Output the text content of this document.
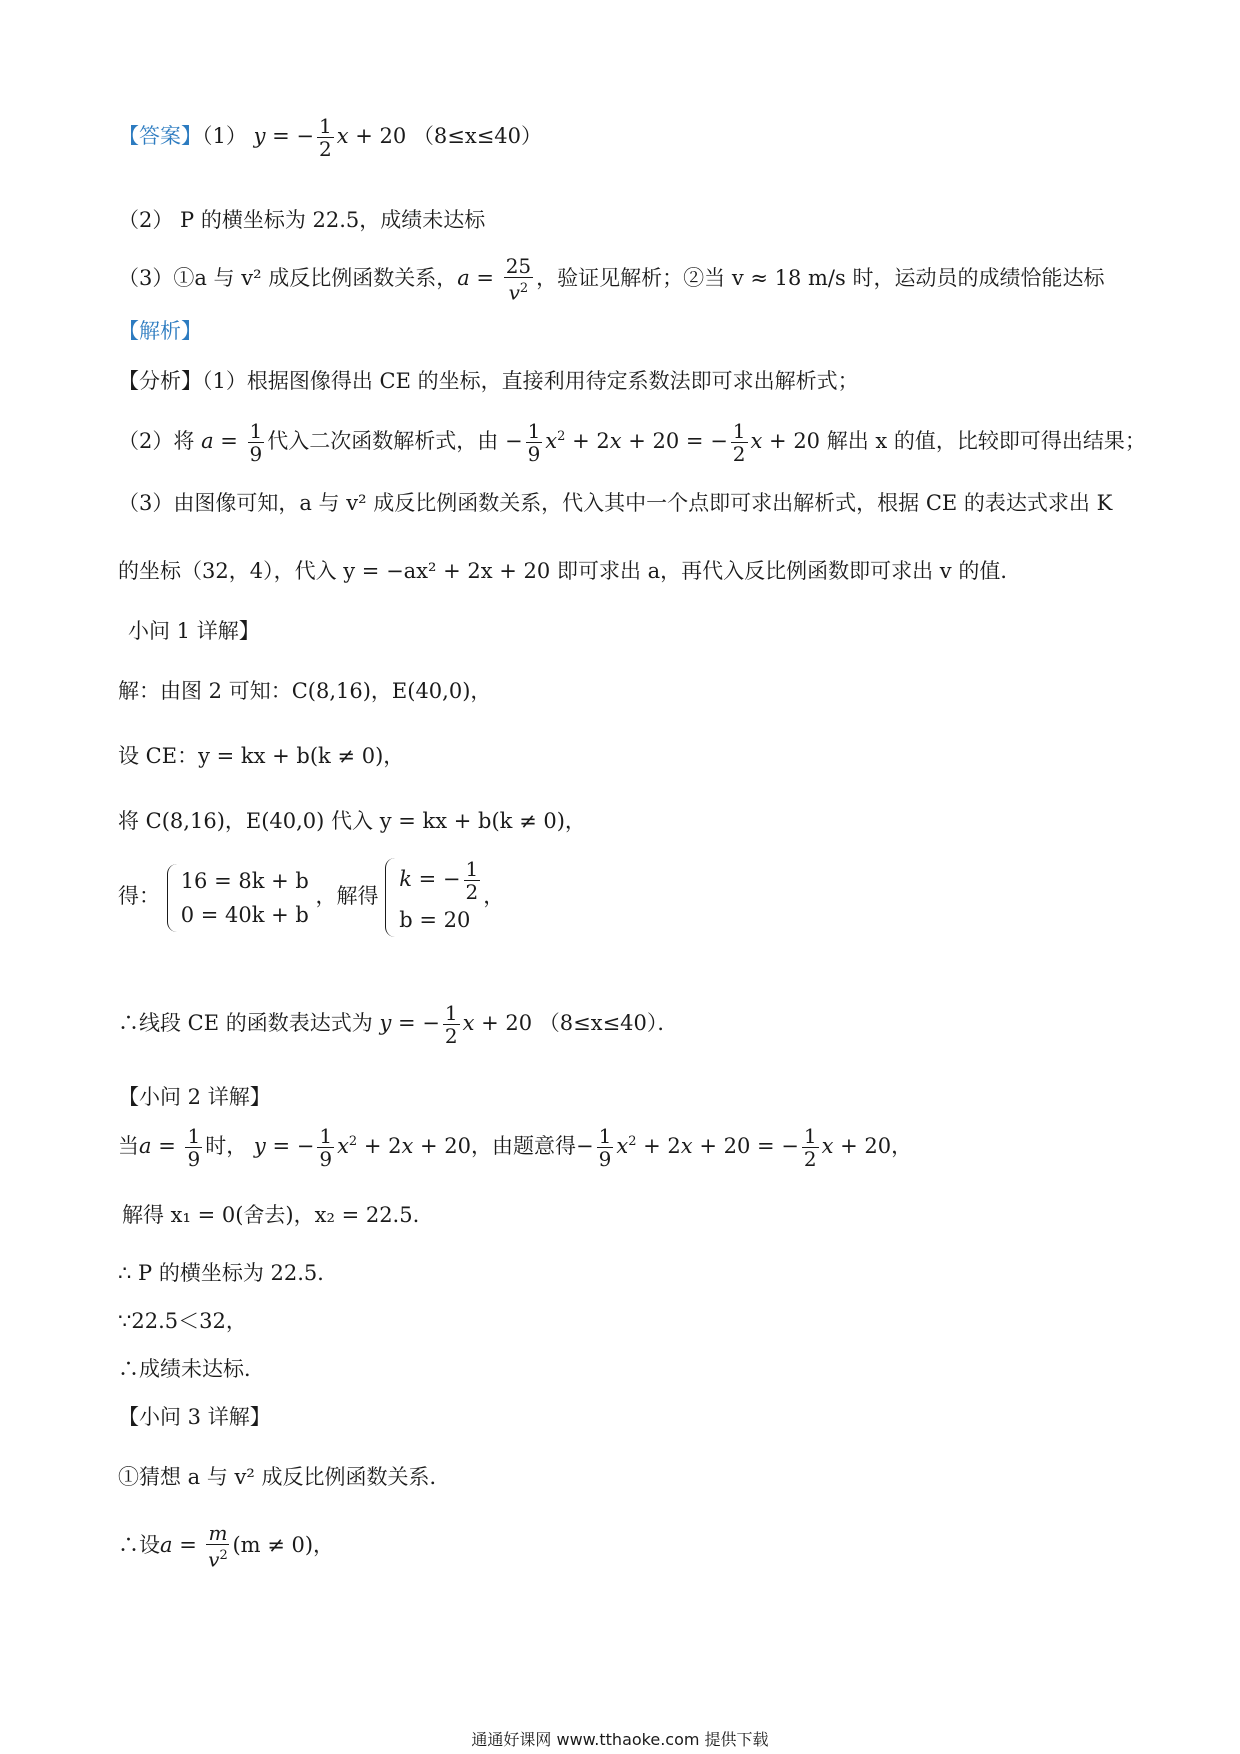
【答案】（1） y = − $\frac{1}{2}$ x + 20 （8≤x≤40）
（2） P 的横坐标为 22.5，成绩未达标
（3）①a 与 v² 成反比例函数关系，$a = \frac{25}{v^2}$ ，验证见解析；②当 v ≈ 18 m/s 时，运动员的成绩恰能达标
【解析】
【分析】（1）根据图像得出 CE 的坐标，直接利用待定系数法即可求出解析式；
（2）将 $a = \frac{1}{9}$ 代入二次函数解析式，由 − $\frac{1}{9} x^2 + 2x + 20$ = − $\frac{1}{2}$ x + 20 解出 x 的值，比较即可得出结果；
（3）由图像可知，a 与 v² 成反比例函数关系，代入其中一个点即可求出解析式，根据 CE 的表达式求出 K
的坐标（32，4），代入 y = −ax² + 2x + 20 即可求出 a，再代入反比例函数即可求出 v 的值．
小问 1 详解】
解：由图 2 可知：C(8,16)，E(40,0)，
设 CE：y = kx + b(k ≠ 0)，
将 C(8,16)，E(40,0) 代入 y = kx + b(k ≠ 0)，
得：
16 = 8k + b
0 = 40k + b
，解得
k = − $\frac{1}{2}$
b = 20
，
∴线段 CE 的函数表达式为 y = − $\frac{1}{2}$ x + 20 （8≤x≤40）．
【小问 2 详解】
当$a = \frac{1}{9}$ 时， y = − $\frac{1}{9} x^2 + 2x + 20$，由题意得− $\frac{1}{9} x^2 + 2x + 20$ = − $\frac{1}{2}$ x + 20，
解得 x₁ = 0(舍去)，x₂ = 22.5.
∴ P 的横坐标为 22.5．
∵22.5＜32，
∴成绩未达标．
【小问 3 详解】
①猜想 a 与 v² 成反比例函数关系．
∴设$a = \frac{m}{v^2} (m \ne 0)$，
通通好课网 www.tthaoke.com 提供下载
